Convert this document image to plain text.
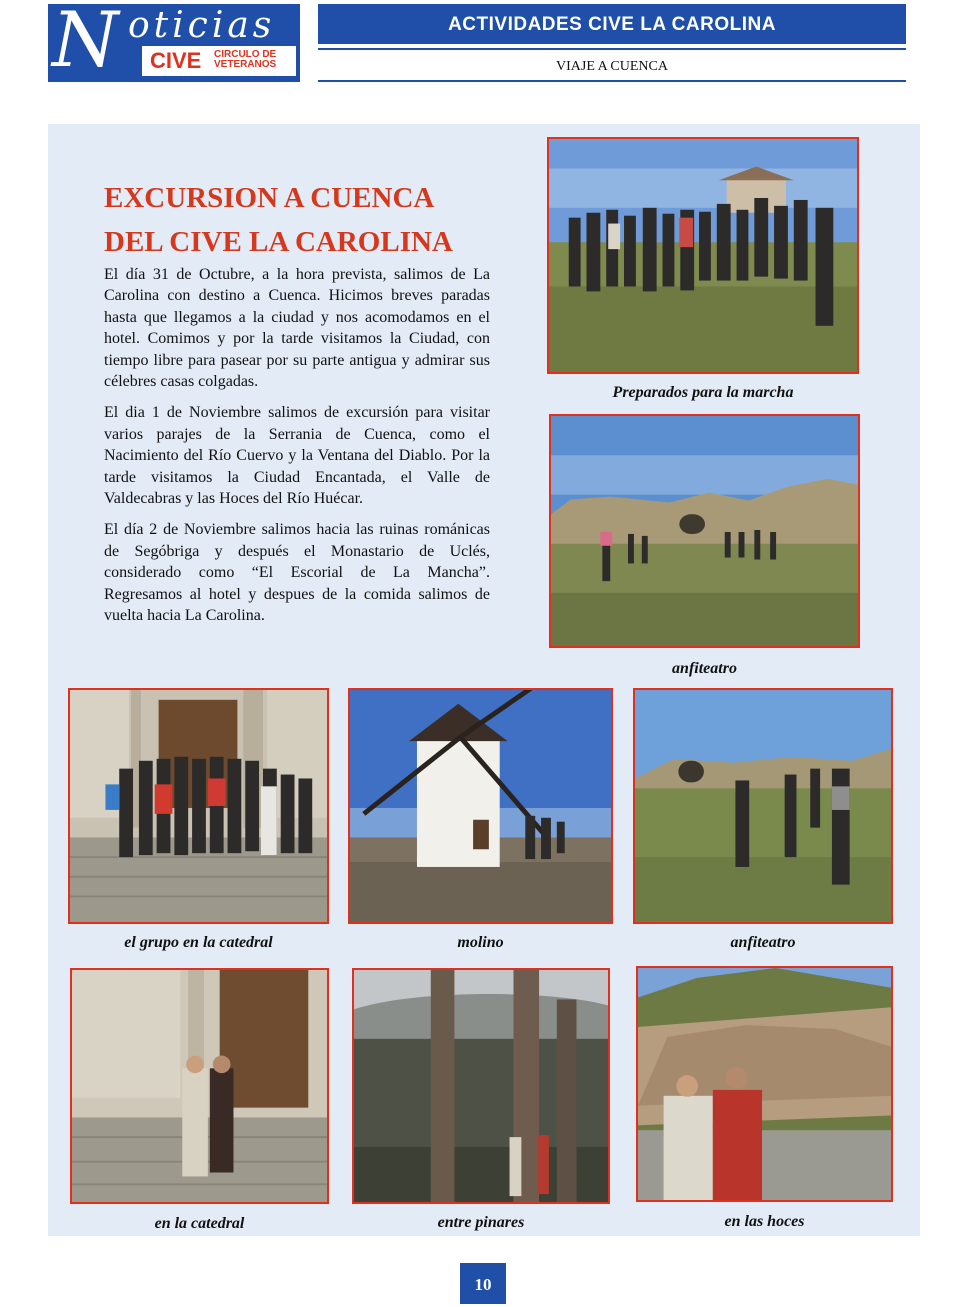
N oticias
CIVE CIRCULO DE
VETERANOS
ACTIVIDADES CIVE LA CAROLINA
VIAJE A CUENCA
EXCURSION A CUENCA
DEL CIVE LA CAROLINA

El día 31 de Octubre, a la hora prevista, salimos de La Carolina con destino a Cuenca. Hicimos breves paradas hasta que llegamos a la ciudad y nos acomodamos en el hotel. Comimos y por la tarde visitamos la Ciudad, con tiempo libre para pasear por su parte antigua y admirar sus célebres casas colgadas.

El dia 1 de Noviembre salimos de excursión para visitar varios parajes de la Serrania de Cuenca, como el Nacimiento del Río Cuervo y la Ventana del Diablo. Por la tarde visitamos la Ciudad Encantada, el Valle de Valdecabras y las Hoces del Río Huécar.

El día 2 de Noviembre salimos hacia las ruinas románicas de Segóbriga y después el Monastario de Uclés, considerado como “El Escorial de La Mancha”. Regresamos al hotel y despues de la comida salimos de vuelta hacia La Carolina.

Preparados para la marcha
anfiteatro
el grupo en la catedral	molino	anfiteatro
en la catedral	entre pinares	en las hoces
10
